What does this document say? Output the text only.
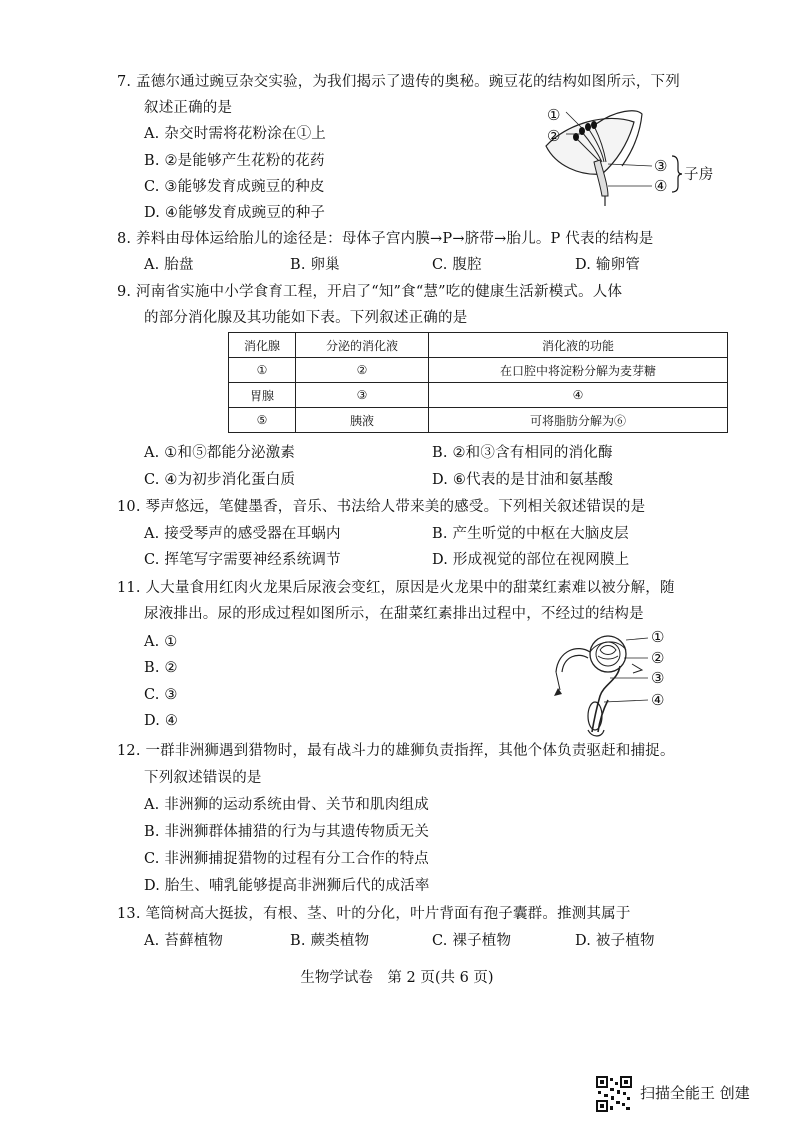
7. 孟德尔通过豌豆杂交实验，为我们揭示了遗传的奥秘。豌豆花的结构如图所示，下列
叙述正确的是
A. 杂交时需将花粉涂在①上
B. ②是能够产生花粉的花药
C. ③能够发育成豌豆的种皮
D. ④能够发育成豌豆的种子
①
②
③
④
子房
8. 养料由母体运给胎儿的途径是：母体子宫内膜→P→脐带→胎儿。P 代表的结构是
A. 胎盘	B. 卵巢	C. 腹腔	D. 输卵管
9. 河南省实施中小学食育工程，开启了“知”食“慧”吃的健康生活新模式。人体
的部分消化腺及其功能如下表。下列叙述正确的是
消化腺	分泌的消化液	消化液的功能
①	②	在口腔中将淀粉分解为麦芽糖
胃腺	③	④
⑤	胰液	可将脂肪分解为⑥
A. ①和⑤都能分泌激素	B. ②和③含有相同的消化酶
C. ④为初步消化蛋白质	D. ⑥代表的是甘油和氨基酸
10. 琴声悠远，笔健墨香，音乐、书法给人带来美的感受。下列相关叙述错误的是
A. 接受琴声的感受器在耳蜗内	B. 产生听觉的中枢在大脑皮层
C. 挥笔写字需要神经系统调节	D. 形成视觉的部位在视网膜上
11. 人大量食用红肉火龙果后尿液会变红，原因是火龙果中的甜菜红素难以被分解，随
尿液排出。尿的形成过程如图所示，在甜菜红素排出过程中，不经过的结构是
A. ①
B. ②
C. ③
D. ④
①
②
③
④
12. 一群非洲狮遇到猎物时，最有战斗力的雄狮负责指挥，其他个体负责驱赶和捕捉。
下列叙述错误的是
A. 非洲狮的运动系统由骨、关节和肌肉组成
B. 非洲狮群体捕猎的行为与其遗传物质无关
C. 非洲狮捕捉猎物的过程有分工合作的特点
D. 胎生、哺乳能够提高非洲狮后代的成活率
13. 笔筒树高大挺拔，有根、茎、叶的分化，叶片背面有孢子囊群。推测其属于
A. 苔藓植物	B. 蕨类植物	C. 裸子植物	D. 被子植物
生物学试卷　第 2 页(共 6 页)
扫描全能王 创建
